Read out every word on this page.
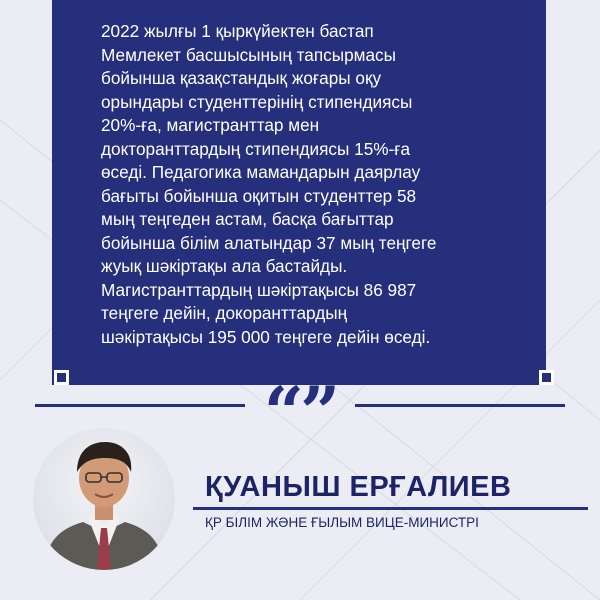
2022 жылғы 1 қыркүйектен бастап
Мемлекет басшысының тапсырмасы
бойынша қазақстандық жоғары оқу
орындары студенттерінің стипендиясы
20%-ға, магистранттар мен
докторанттардың стипендиясы 15%-ға
өседі. Педагогика мамандарын даярлау
бағыты бойынша оқитын студенттер 58
мың теңгеден астам, басқа бағыттар
бойынша білім алатындар 37 мың теңгеге
жуық шәкіртақы ала бастайды.
Магистранттардың шәкіртақысы 86 987
теңгеге дейін, докоранттардың
шәкіртақысы 195 000 теңгеге дейін өседі.
“”
ҚУАНЫШ ЕРҒАЛИЕВ
ҚР БІЛІМ ЖӘНЕ ҒЫЛЫМ ВИЦЕ-МИНИСТРІ
